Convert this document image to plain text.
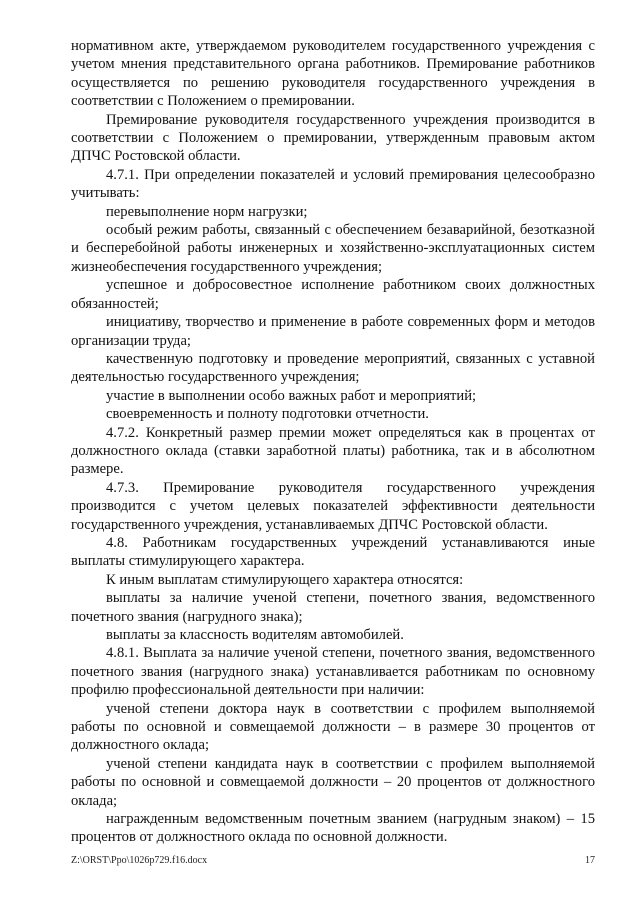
нормативном акте, утверждаемом руководителем государственного учреждения с учетом мнения представительного органа работников. Премирование работников осуществляется по решению руководителя государственного учреждения в соответствии с Положением о премировании.

Премирование руководителя государственного учреждения производится в соответствии с Положением о премировании, утвержденным правовым актом ДПЧС Ростовской области.

4.7.1. При определении показателей и условий премирования целесообразно учитывать:

перевыполнение норм нагрузки;

особый режим работы, связанный с обеспечением безаварийной, безотказной и бесперебойной работы инженерных и хозяйственно-эксплуатационных систем жизнеобеспечения государственного учреждения;

успешное и добросовестное исполнение работником своих должностных обязанностей;

инициативу, творчество и применение в работе современных форм и методов организации труда;

качественную подготовку и проведение мероприятий, связанных с уставной деятельностью государственного учреждения;

участие в выполнении особо важных работ и мероприятий;

своевременность и полноту подготовки отчетности.

4.7.2. Конкретный размер премии может определяться как в процентах от должностного оклада (ставки заработной платы) работника, так и в абсолютном размере.

4.7.3. Премирование руководителя государственного учреждения производится с учетом целевых показателей эффективности деятельности государственного учреждения, устанавливаемых ДПЧС Ростовской области.

4.8. Работникам государственных учреждений устанавливаются иные выплаты стимулирующего характера.

К иным выплатам стимулирующего характера относятся:

выплаты за наличие ученой степени, почетного звания, ведомственного почетного звания (нагрудного знака);

выплаты за классность водителям автомобилей.

4.8.1. Выплата за наличие ученой степени, почетного звания, ведомственного почетного звания (нагрудного знака) устанавливается работникам по основному профилю профессиональной деятельности при наличии:

ученой степени доктора наук в соответствии с профилем выполняемой работы по основной и совмещаемой должности – в размере 30 процентов от должностного оклада;

ученой степени кандидата наук в соответствии с профилем выполняемой работы по основной и совмещаемой должности – 20 процентов от должностного оклада;

награжденным ведомственным почетным званием (нагрудным знаком) – 15 процентов от должностного оклада по основной должности.

Z:\ORST\Ppo\1026p729.f16.docx	17
